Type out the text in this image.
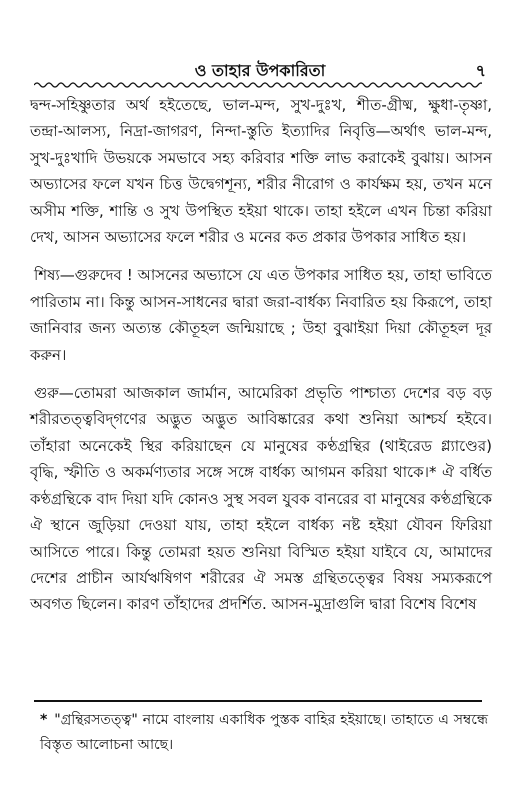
ও তাহার উপকারিতা	৭

দ্বন্দ-সহিষ্ণুতার অর্থ হইতেছে, ভাল-মন্দ, সুখ-দুঃখ, শীত-গ্রীষ্ম, ক্ষুধা-তৃষ্ণা, তন্দ্রা-আলস্য, নিদ্রা-জাগরণ, নিন্দা-স্তুতি ইত্যাদির নিবৃত্তি—অর্থাৎ ভাল-মন্দ, সুখ-দুঃখাদি উভয়কে সমভাবে সহ্য করিবার শক্তি লাভ করাকেই বুঝায়। আসন অভ্যাসের ফলে যখন চিত্ত উদ্বেগশূন্য, শরীর নীরোগ ও কার্যক্ষম হয়, তখন মনে অসীম শক্তি, শান্তি ও সুখ উপস্থিত হইয়া থাকে। তাহা হইলে এখন চিন্তা করিয়া দেখ, আসন অভ্যাসের ফলে শরীর ও মনের কত প্রকার উপকার সাধিত হয়।

শিষ্য—গুরুদেব ! আসনের অভ্যাসে যে এত উপকার সাধিত হয়, তাহা ভাবিতে পারিতাম না। কিন্তু আসন-সাধনের দ্বারা জরা-বার্ধক্য নিবারিত হয় কিরূপে, তাহা জানিবার জন্য অত্যন্ত কৌতূহল জন্মিয়াছে ; উহা বুঝাইয়া দিয়া কৌতূহল দূর করুন।

গুরু—তোমরা আজকাল জার্মান, আমেরিকা প্রভৃতি পাশ্চাত্য দেশের বড় বড় শরীরতত্ত্ববিদ্‌গণের অদ্ভুত অদ্ভুত আবিষ্কারের কথা শুনিয়া আশ্চর্য হইবে। তাঁহারা অনেকেই স্থির করিয়াছেন যে মানুষের কণ্ঠগ্রন্থির (থাইরেড গ্ল্যাণ্ডের) বৃদ্ধি, স্ফীতি ও অকর্মণ্যতার সঙ্গে সঙ্গে বার্ধক্য আগমন করিয়া থাকে।* ঐ বর্ধিত কণ্ঠগ্রন্থিকে বাদ দিয়া যদি কোনও সুস্থ সবল যুবক বানরের বা মানুষের কণ্ঠগ্রন্থিকে ঐ স্থানে জুড়িয়া দেওয়া যায়, তাহা হইলে বার্ধক্য নষ্ট হইয়া যৌবন ফিরিয়া আসিতে পারে। কিন্তু তোমরা হয়ত শুনিয়া বিস্মিত হইয়া যাইবে যে, আমাদের দেশের প্রাচীন আর্যঋষিগণ শরীরের ঐ সমস্ত গ্রন্থিতত্ত্বের বিষয় সম্যকরূপে অবগত ছিলেন। কারণ তাঁহাদের প্রদর্শিত. আসন-মুদ্রাগুলি দ্বারা বিশেষ বিশেষ

* "গ্রন্থিরসতত্ত্ব" নামে বাংলায় একাধিক পুস্তক বাহির হইয়াছে। তাহাতে এ সম্বন্ধে বিস্তৃত আলোচনা আছে।
